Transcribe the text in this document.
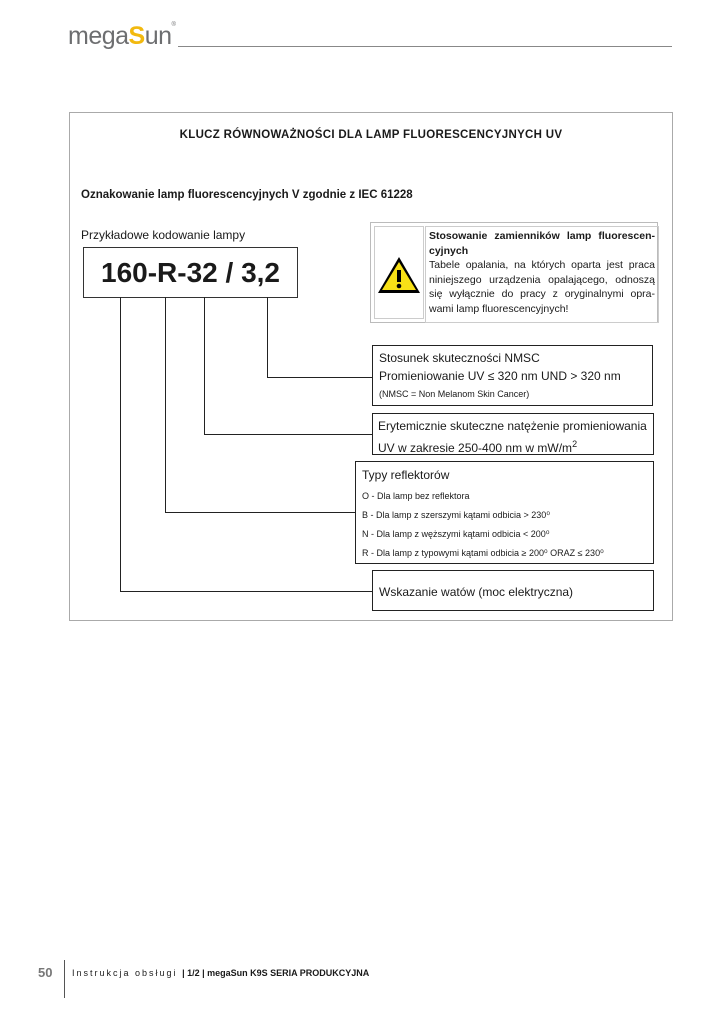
megaSun®
KLUCZ RÓWNOWAŻNOŚCI DLA LAMP FLUORESCENCYJNYCH UV
Oznakowanie lamp fluorescencyjnych V zgodnie z IEC 61228
Przykładowe kodowanie lampy
160-R-32 / 3,2
Stosowanie zamienników lamp fluorescen-cyjnych
Tabele opalania, na których oparta jest praca niniejszego urządzenia opalającego, odnoszą się wyłącznie do pracy z oryginalnymi opra-wami lamp fluorescencyjnych!
Stosunek skuteczności NMSC
Promieniowanie UV ≤ 320 nm UND > 320 nm
(NMSC = Non Melanom Skin Cancer)
Erytemicznie skuteczne natężenie promieniowania
UV w zakresie 250-400 nm w $mW/m^2$
Typy reflektorów
O - Dla lamp bez reflektora
B - Dla lamp z szerszymi kątami odbicia > 230⁰
N - Dla lamp z węższymi kątami odbicia < 200⁰
R - Dla lamp z typowymi kątami odbicia ≥ 200⁰ ORAZ ≤ 230⁰
Wskazanie watów (moc elektryczna)
50 Instrukcja obsługi | 1/2 | megaSun K9S SERIA PRODUKCYJNA
